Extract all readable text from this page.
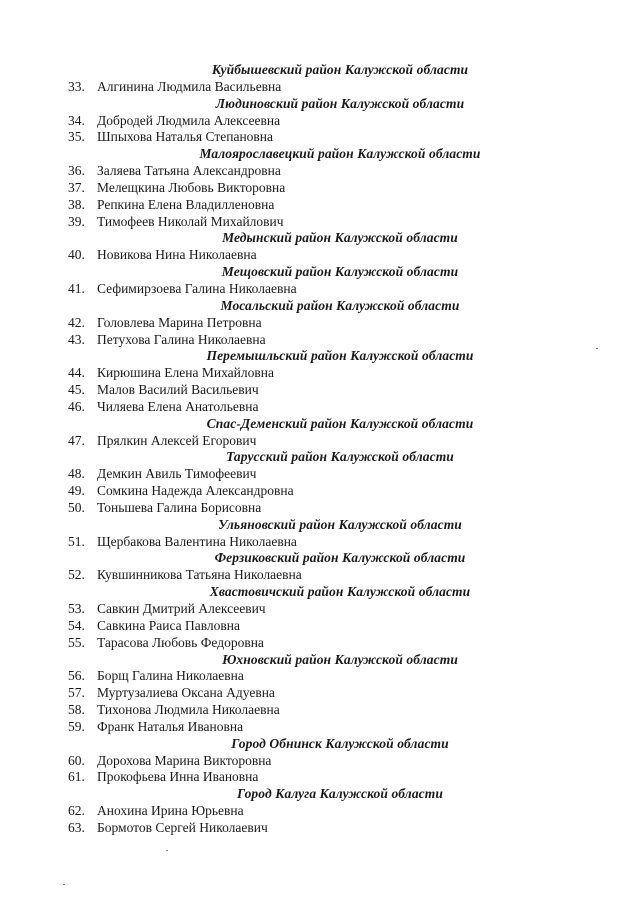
Куйбышевский район Калужской области
33. Алгинина Людмила Васильевна
Людиновский район Калужской области
34. Добродей Людмила Алексеевна
35. Шпыхова Наталья Степановна
Малоярославецкий район Калужской области
36. Заляева Татьяна Александровна
37. Мелещкина Любовь Викторовна
38. Репкина Елена Владилленовна
39. Тимофеев Николай Михайлович
Медынский район Калужской области
40. Новикова Нина Николаевна
Мещовский район Калужской области
41. Сефимирзоева Галина Николаевна
Мосальский район Калужской области
42. Головлева Марина Петровна
43. Петухова Галина Николаевна
Перемышльский район Калужской области
44. Кирюшина Елена Михайловна
45. Малов Василий Васильевич
46. Чиляева Елена Анатольевна
Спас-Деменский район Калужской области
47. Прялкин Алексей Егорович
Тарусский район Калужской области
48. Демкин Авиль Тимофеевич
49. Сомкина Надежда Александровна
50. Тоньшева Галина Борисовна
Ульяновский район Калужской области
51. Щербакова Валентина Николаевна
Ферзиковский район Калужской области
52. Кувшинникова Татьяна Николаевна
Хвастовичский район Калужской области
53. Савкин Дмитрий Алексеевич
54. Савкина Раиса Павловна
55. Тарасова Любовь Федоровна
Юхновский район Калужской области
56. Борщ Галина Николаевна
57. Муртузалиева Оксана Адуевна
58. Тихонова Людмила Николаевна
59. Франк Наталья Ивановна
Город Обнинск Калужской области
60. Дорохова Марина Викторовна
61. Прокофьева Инна Ивановна
Город Калуга Калужской области
62. Анохина Ирина Юрьевна
63. Бормотов Сергей Николаевич
